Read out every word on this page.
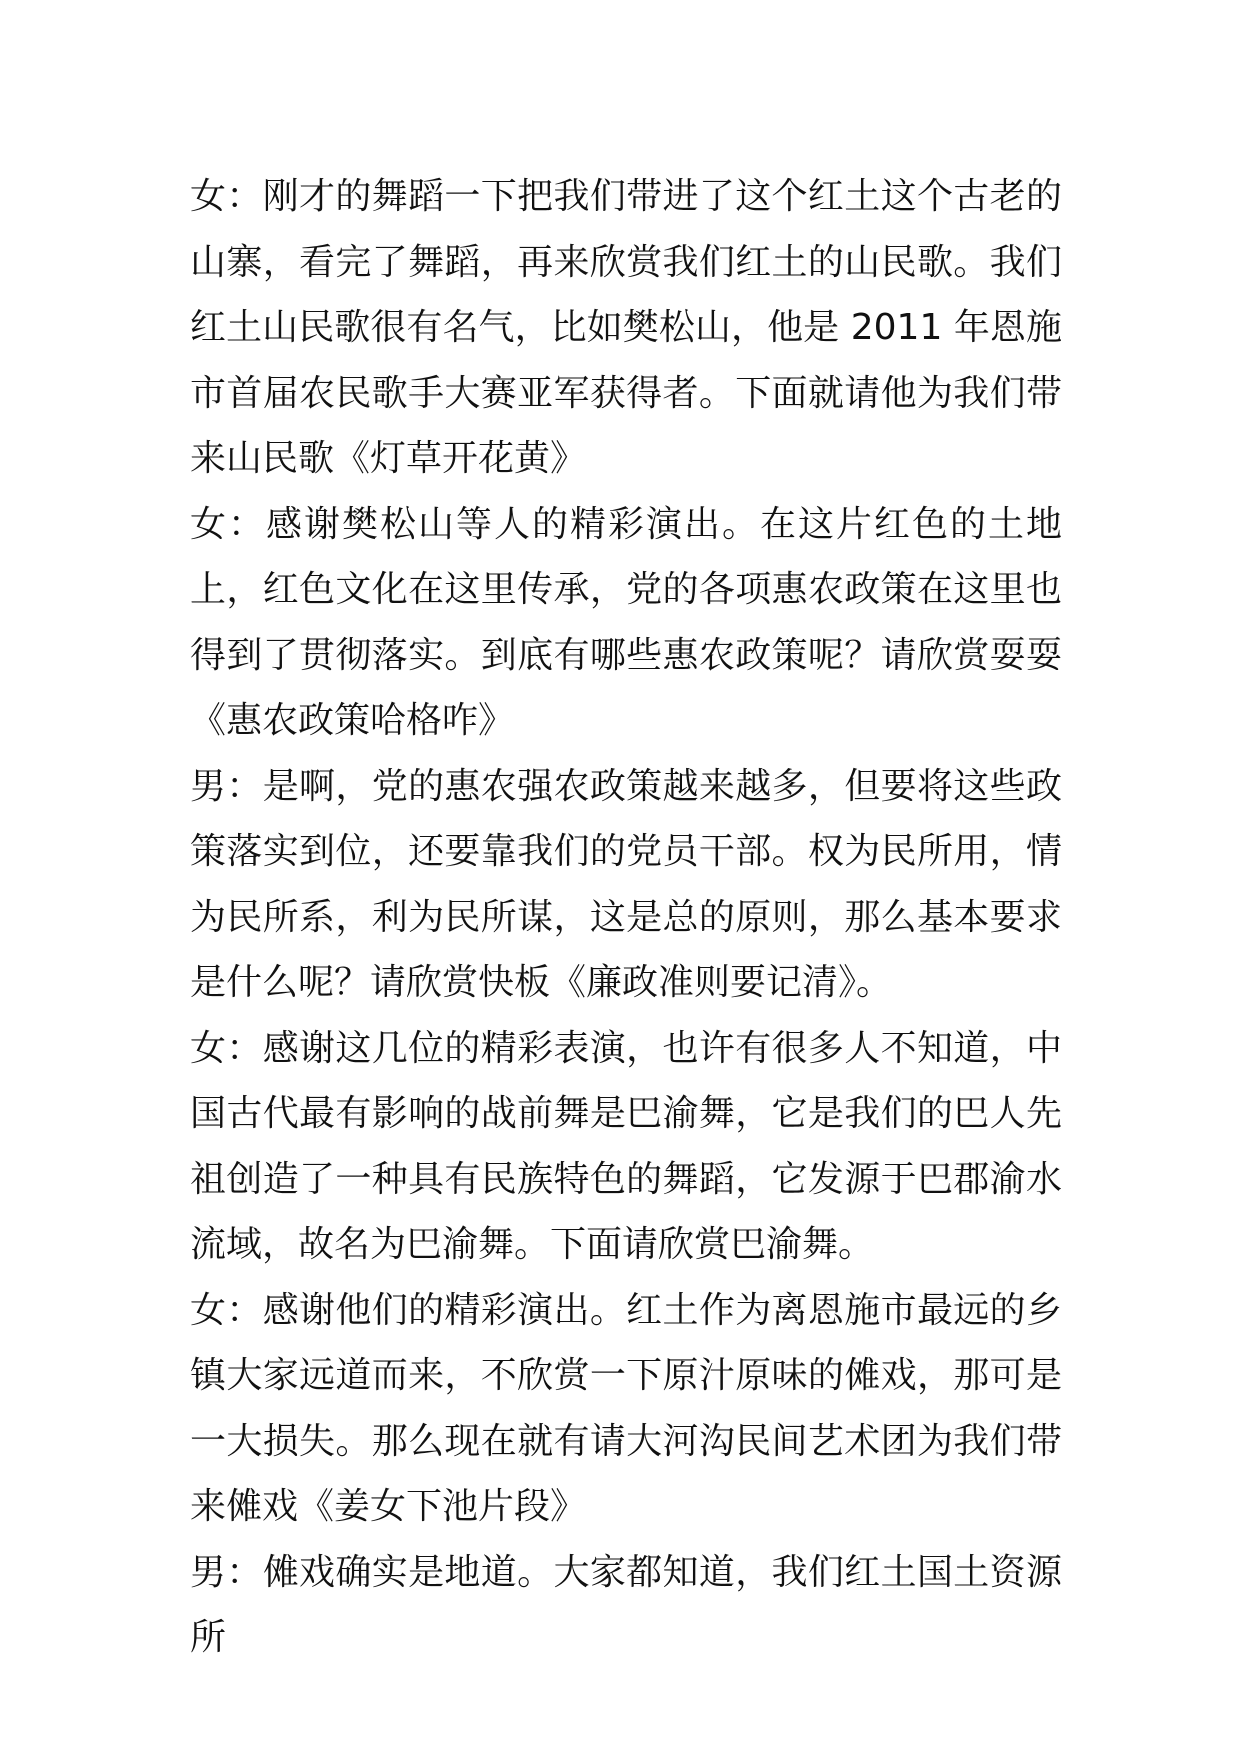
女：刚才的舞蹈一下把我们带进了这个红土这个古老的山寨，看完了舞蹈，再来欣赏我们红土的山民歌。我们红土山民歌很有名气，比如樊松山，他是 2011 年恩施市首届农民歌手大赛亚军获得者。下面就请他为我们带来山民歌《灯草开花黄》

女：感谢樊松山等人的精彩演出。在这片红色的土地上，红色文化在这里传承，党的各项惠农政策在这里也得到了贯彻落实。到底有哪些惠农政策呢？请欣赏耍耍《惠农政策哈格咋》

男：是啊，党的惠农强农政策越来越多，但要将这些政策落实到位，还要靠我们的党员干部。权为民所用，情为民所系，利为民所谋，这是总的原则，那么基本要求是什么呢？请欣赏快板《廉政准则要记清》。

女：感谢这几位的精彩表演，也许有很多人不知道，中国古代最有影响的战前舞是巴渝舞，它是我们的巴人先祖创造了一种具有民族特色的舞蹈，它发源于巴郡渝水流域，故名为巴渝舞。下面请欣赏巴渝舞。

女：感谢他们的精彩演出。红土作为离恩施市最远的乡镇大家远道而来，不欣赏一下原汁原味的傩戏，那可是一大损失。那么现在就有请大河沟民间艺术团为我们带来傩戏《姜女下池片段》

男：傩戏确实是地道。大家都知道，我们红土国土资源所
